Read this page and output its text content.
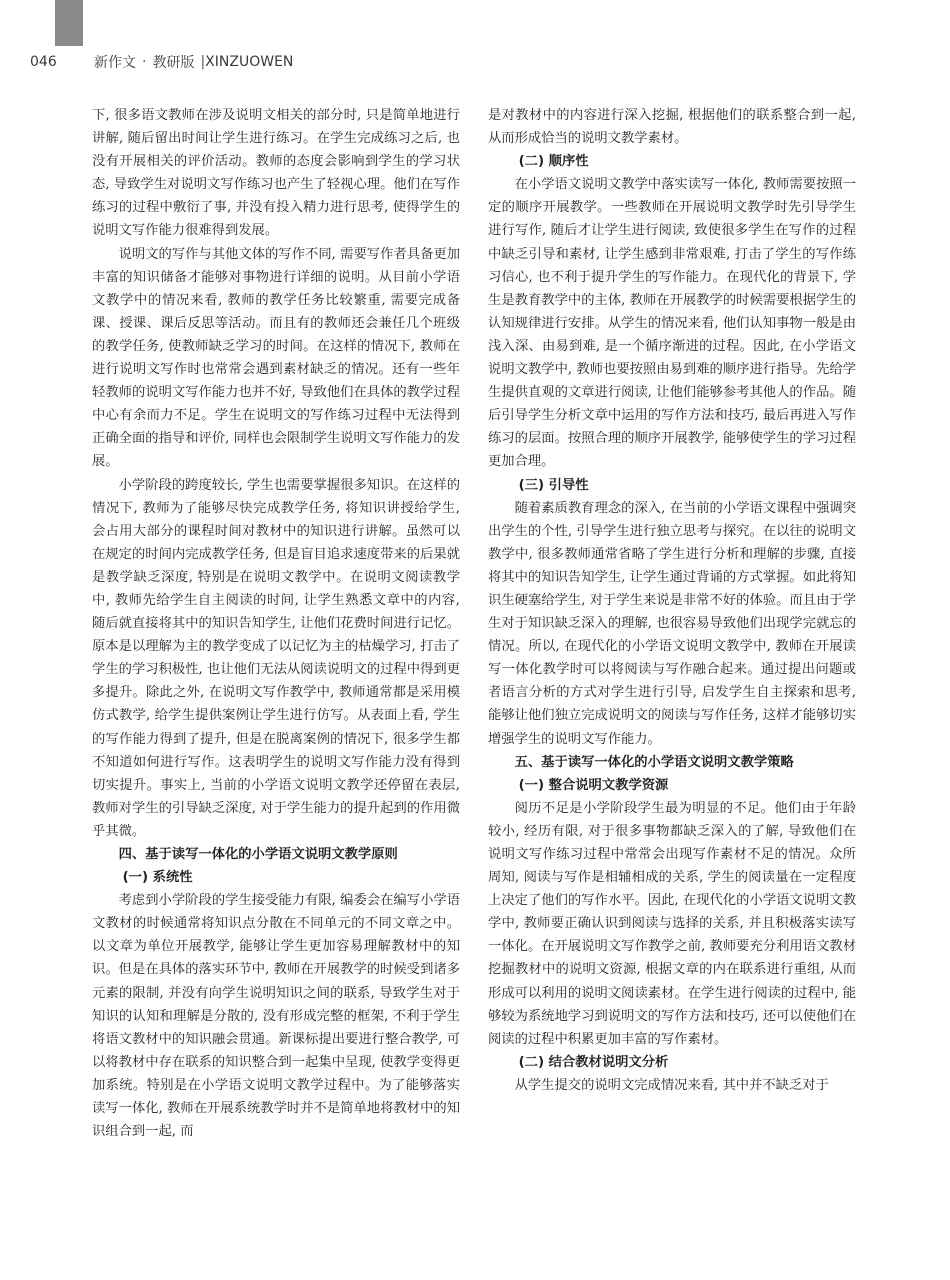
046	新作文 · 教研版 | XINZUOWEN

下, 很多语文教师在涉及说明文相关的部分时, 只是简单地进行讲解, 随后留出时间让学生进行练习。在学生完成练习之后, 也没有开展相关的评价活动。教师的态度会影响到学生的学习状态, 导致学生对说明文写作练习也产生了轻视心理。他们在写作练习的过程中敷衍了事, 并没有投入精力进行思考, 使得学生的说明文写作能力很难得到发展。

说明文的写作与其他文体的写作不同, 需要写作者具备更加丰富的知识储备才能够对事物进行详细的说明。从目前小学语文教学中的情况来看, 教师的教学任务比较繁重, 需要完成备课、授课、课后反思等活动。而且有的教师还会兼任几个班级的教学任务, 使教师缺乏学习的时间。在这样的情况下, 教师在进行说明文写作时也常常会遇到素材缺乏的情况。还有一些年轻教师的说明文写作能力也并不好, 导致他们在具体的教学过程中心有余而力不足。学生在说明文的写作练习过程中无法得到正确全面的指导和评价, 同样也会限制学生说明文写作能力的发展。

小学阶段的跨度较长, 学生也需要掌握很多知识。在这样的情况下, 教师为了能够尽快完成教学任务, 将知识讲授给学生, 会占用大部分的课程时间对教材中的知识进行讲解。虽然可以在规定的时间内完成教学任务, 但是盲目追求速度带来的后果就是教学缺乏深度, 特别是在说明文教学中。在说明文阅读教学中, 教师先给学生自主阅读的时间, 让学生熟悉文章中的内容, 随后就直接将其中的知识告知学生, 让他们花费时间进行记忆。原本是以理解为主的教学变成了以记忆为主的枯燥学习, 打击了学生的学习积极性, 也让他们无法从阅读说明文的过程中得到更多提升。除此之外, 在说明文写作教学中, 教师通常都是采用模仿式教学, 给学生提供案例让学生进行仿写。从表面上看, 学生的写作能力得到了提升, 但是在脱离案例的情况下, 很多学生都不知道如何进行写作。这表明学生的说明文写作能力没有得到切实提升。事实上, 当前的小学语文说明文教学还停留在表层, 教师对学生的引导缺乏深度, 对于学生能力的提升起到的作用微乎其微。

四、基于读写一体化的小学语文说明文教学原则
(一) 系统性

考虑到小学阶段的学生接受能力有限, 编委会在编写小学语文教材的时候通常将知识点分散在不同单元的不同文章之中。以文章为单位开展教学, 能够让学生更加容易理解教材中的知识。但是在具体的落实环节中, 教师在开展教学的时候受到诸多元素的限制, 并没有向学生说明知识之间的联系, 导致学生对于知识的认知和理解是分散的, 没有形成完整的框架, 不利于学生将语文教材中的知识融会贯通。新课标提出要进行整合教学, 可以将教材中存在联系的知识整合到一起集中呈现, 使教学变得更加系统。特别是在小学语文说明文教学过程中。为了能够落实读写一体化, 教师在开展系统教学时并不是简单地将教材中的知识组合到一起, 而

是对教材中的内容进行深入挖掘, 根据他们的联系整合到一起, 从而形成恰当的说明文教学素材。

(二) 顺序性

在小学语文说明文教学中落实读写一体化, 教师需要按照一定的顺序开展教学。一些教师在开展说明文教学时先引导学生进行写作, 随后才让学生进行阅读, 致使很多学生在写作的过程中缺乏引导和素材, 让学生感到非常艰难, 打击了学生的写作练习信心, 也不利于提升学生的写作能力。在现代化的背景下, 学生是教育教学中的主体, 教师在开展教学的时候需要根据学生的认知规律进行安排。从学生的情况来看, 他们认知事物一般是由浅入深、由易到难, 是一个循序渐进的过程。因此, 在小学语文说明文教学中, 教师也要按照由易到难的顺序进行指导。先给学生提供直观的文章进行阅读, 让他们能够参考其他人的作品。随后引导学生分析文章中运用的写作方法和技巧, 最后再进入写作练习的层面。按照合理的顺序开展教学, 能够使学生的学习过程更加合理。

(三) 引导性

随着素质教育理念的深入, 在当前的小学语文课程中强调突出学生的个性, 引导学生进行独立思考与探究。在以往的说明文教学中, 很多教师通常省略了学生进行分析和理解的步骤, 直接将其中的知识告知学生, 让学生通过背诵的方式掌握。如此将知识生硬塞给学生, 对于学生来说是非常不好的体验。而且由于学生对于知识缺乏深入的理解, 也很容易导致他们出现学完就忘的情况。所以, 在现代化的小学语文说明文教学中, 教师在开展读写一体化教学时可以将阅读与写作融合起来。通过提出问题或者语言分析的方式对学生进行引导, 启发学生自主探索和思考, 能够让他们独立完成说明文的阅读与写作任务, 这样才能够切实增强学生的说明文写作能力。

五、基于读写一体化的小学语文说明文教学策略
(一) 整合说明文教学资源

阅历不足是小学阶段学生最为明显的不足。他们由于年龄较小, 经历有限, 对于很多事物都缺乏深入的了解, 导致他们在说明文写作练习过程中常常会出现写作素材不足的情况。众所周知, 阅读与写作是相辅相成的关系, 学生的阅读量在一定程度上决定了他们的写作水平。因此, 在现代化的小学语文说明文教学中, 教师要正确认识到阅读与选择的关系, 并且积极落实读写一体化。在开展说明文写作教学之前, 教师要充分利用语文教材挖掘教材中的说明文资源, 根据文章的内在联系进行重组, 从而形成可以利用的说明文阅读素材。在学生进行阅读的过程中, 能够较为系统地学习到说明文的写作方法和技巧, 还可以使他们在阅读的过程中积累更加丰富的写作素材。

(二) 结合教材说明文分析

从学生提交的说明文完成情况来看, 其中并不缺乏对于
